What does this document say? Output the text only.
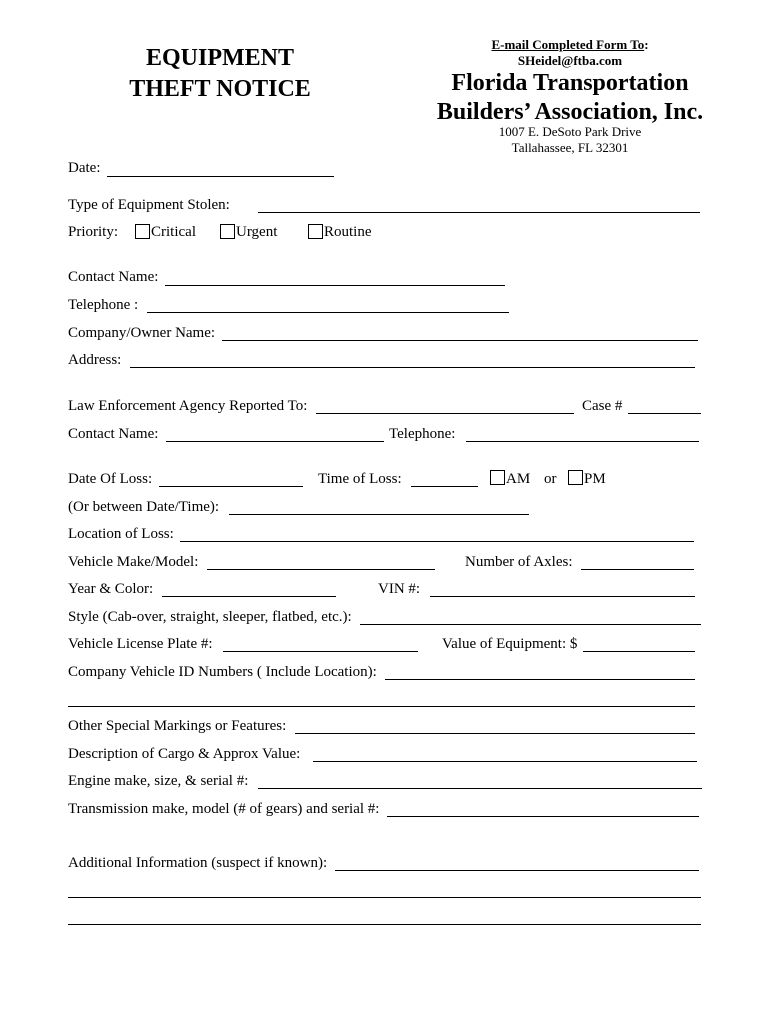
EQUIPMENT
THEFT NOTICE
E-mail Completed Form To:
SHeidel@ftba.com
Florida Transportation
Builders’ Association, Inc.
1007 E. DeSoto Park Drive
Tallahassee, FL 32301
Date:
Type of Equipment Stolen:
Priority: Critical	Urgent	Routine
Contact Name:
Telephone :
Company/Owner Name:
Address:
Law Enforcement Agency Reported To:	Case #
Contact Name:	Telephone:
Date Of Loss:	Time of Loss:	AM or PM
(Or between Date/Time):
Location of Loss:
Vehicle Make/Model:	Number of Axles:
Year & Color:	VIN #:
Style (Cab-over, straight, sleeper, flatbed, etc.):
Vehicle License Plate #:	Value of Equipment: $
Company Vehicle ID Numbers ( Include Location):
Other Special Markings or Features:
Description of Cargo & Approx Value:
Engine make, size, & serial #:
Transmission make, model (# of gears) and serial #:
Additional Information (suspect if known):
